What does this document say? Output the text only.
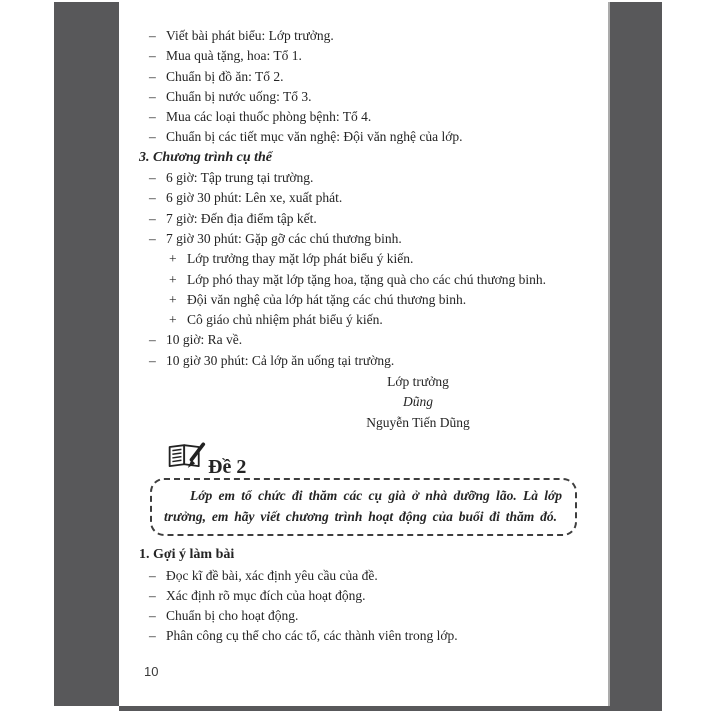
– Viết bài phát biểu: Lớp trưởng.
– Mua quà tặng, hoa: Tổ 1.
– Chuẩn bị đồ ăn: Tổ 2.
– Chuẩn bị nước uống: Tổ 3.
– Mua các loại thuốc phòng bệnh: Tổ 4.
– Chuẩn bị các tiết mục văn nghệ: Đội văn nghệ của lớp.
3. Chương trình cụ thể
– 6 giờ: Tập trung tại trường.
– 6 giờ 30 phút: Lên xe, xuất phát.
– 7 giờ: Đến địa điểm tập kết.
– 7 giờ 30 phút: Gặp gỡ các chú thương binh.
+ Lớp trưởng thay mặt lớp phát biểu ý kiến.
+ Lớp phó thay mặt lớp tặng hoa, tặng quà cho các chú thương binh.
+ Đội văn nghệ của lớp hát tặng các chú thương binh.
+ Cô giáo chủ nhiệm phát biểu ý kiến.
– 10 giờ: Ra về.
– 10 giờ 30 phút: Cả lớp ăn uống tại trường.
Lớp trưởng
Dũng
Nguyễn Tiến Dũng
Đề 2

Lớp em tổ chức đi thăm các cụ già ở nhà dưỡng lão. Là lớp trưởng, em hãy viết chương trình hoạt động của buổi đi thăm đó.

1. Gợi ý làm bài
– Đọc kĩ đề bài, xác định yêu cầu của đề.
– Xác định rõ mục đích của hoạt động.
– Chuẩn bị cho hoạt động.
– Phân công cụ thể cho các tổ, các thành viên trong lớp.
10
